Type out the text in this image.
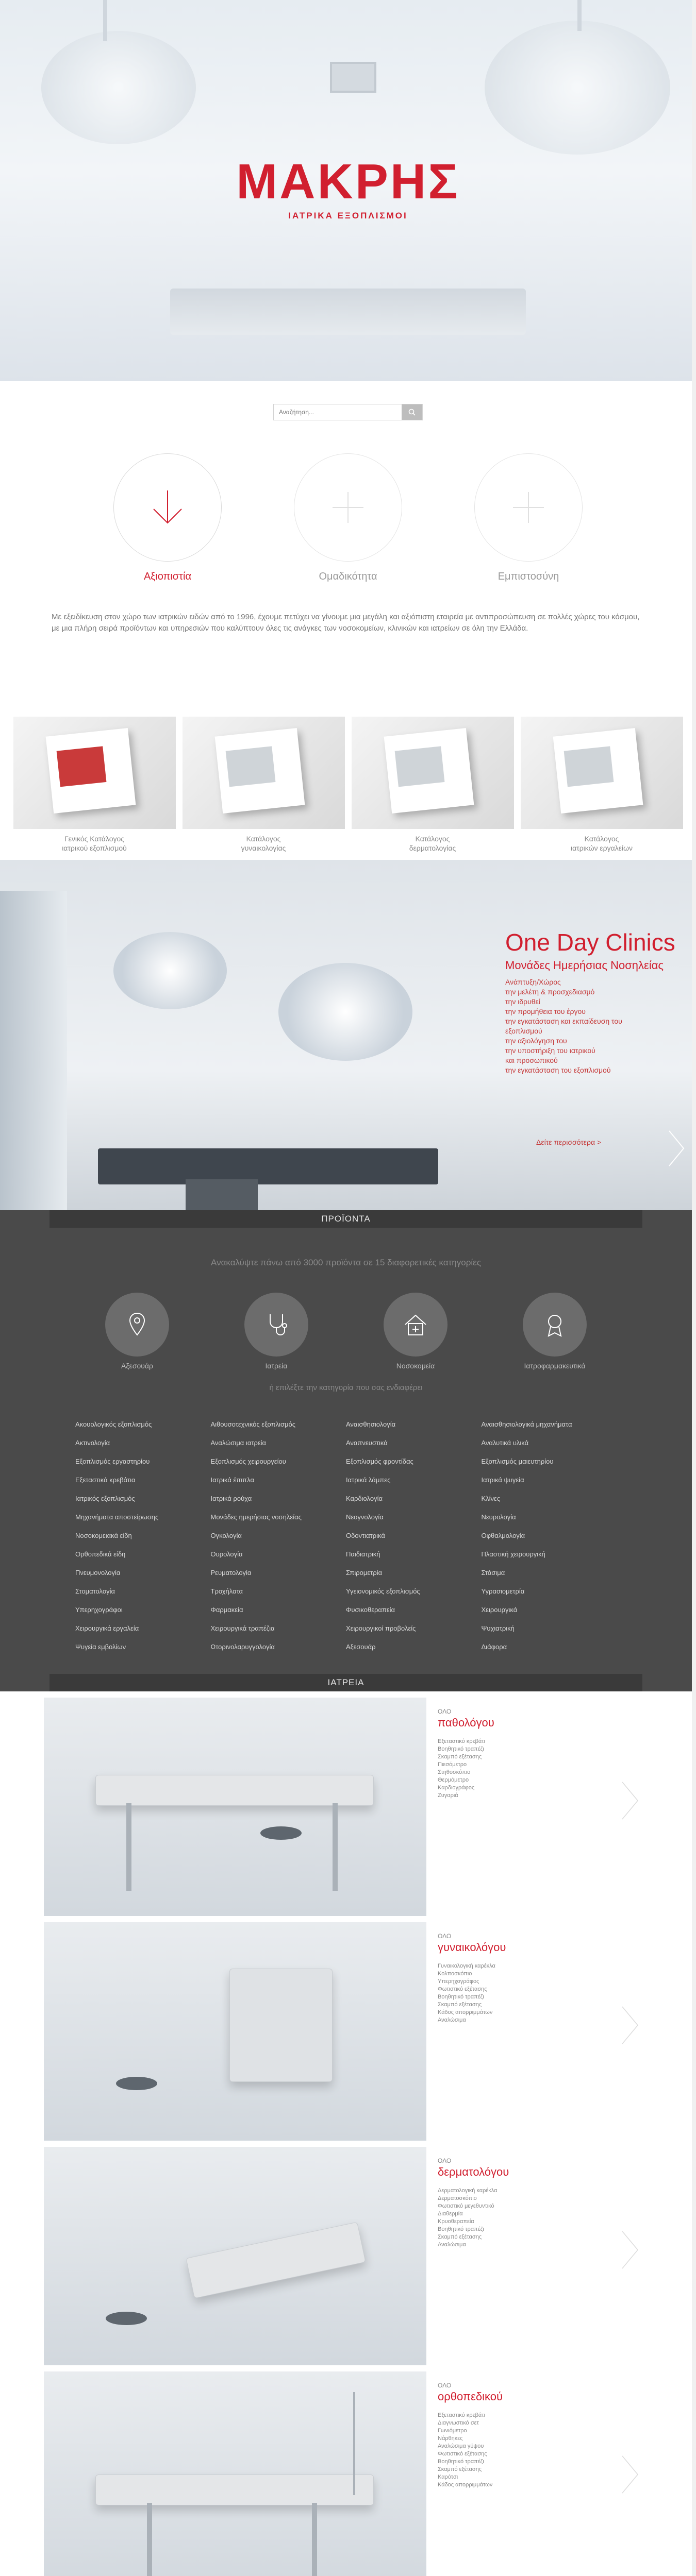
ΜΑΚΡΗΣ
ΙΑΤΡΙΚΑ ΕΞΟΠΛΙΣΜΟΙ
Αναζήτηση...
Αξιοπιστία	Ομαδικότητα	Εμπιστοσύνη

Με εξειδίκευση στον χώρο των ιατρικών ειδών από το 1996, έχουμε πετύχει να γίνουμε μια μεγάλη και αξιόπιστη εταιρεία με αντιπροσώπευση σε πολλές χώρες του κόσμου, με μια πλήρη σειρά προϊόντων και υπηρεσιών που καλύπτουν όλες τις ανάγκες των νοσοκομείων, κλινικών και ιατρείων σε όλη την Ελλάδα.

Γενικός Κατάλογος
ιατρικού εξοπλισμού
Κατάλογος
γυναικολογίας
Κατάλογος
δερματολογίας
Κατάλογος
ιατρικών εργαλείων
One Day Clinics
Μονάδες Ημερήσιας Νοσηλείας
Ανάπτυξη/Χώρος
την μελέτη & προσχεδιασμό
την ιδρυθεί
την προμήθεια του έργου
την εγκατάσταση και εκπαίδευση του
εξοπλισμού
την αξιολόγηση του
την υποστήριξη του ιατρικού
και προσωπικού
την εγκατάσταση του εξοπλισμού
Δείτε περισσότερα >
ΠΡΟΪΟΝΤΑ
Ανακαλύψτε πάνω από 3000 προϊόντα σε 15 διαφορετικές κατηγορίες
Αξεσουάρ	Ιατρεία	Νοσοκομεία	Ιατροφαρμακευτικά
ή επιλέξτε την κατηγορία που σας ενδιαφέρει
Ακουολογικός εξοπλισμός	Αιθουσοτεχνικός εξοπλισμός	Αναισθησιολογία	Αναισθησιολογικά μηχανήματα
Ακτινολογία	Αναλώσιμα ιατρεία	Αναπνευστικά	Αναλυτικά υλικά
Εξοπλισμός εργαστηρίου	Εξοπλισμός χειρουργείου	Εξοπλισμός φροντίδας	Εξοπλισμός μαιευτηρίου
Εξεταστικά κρεβάτια	Ιατρικά έπιπλα	Ιατρικά λάμπες	Ιατρικά ψυγεία
Ιατρικός εξοπλισμός	Ιατρικά ρούχα	Καρδιολογία	Κλίνες
Μηχανήματα αποστείρωσης	Μονάδες ημερήσιας νοσηλείας	Νεογνολογία	Νευρολογία
Νοσοκομειακά είδη	Ογκολογία	Οδοντιατρικά	Οφθαλμολογία
Ορθοπεδικά είδη	Ουρολογία	Παιδιατρική	Πλαστική χειρουργική
Πνευμονολογία	Ρευματολογία	Σπιρομετρία	Στάσιμα
Στοματολογία	Τροχήλατα	Υγειονομικός εξοπλισμός	Υγρασιομετρία
Υπερηχογράφοι	Φαρμακεία	Φυσικοθεραπεία	Χειρουργικά
Χειρουργικά εργαλεία	Χειρουργικά τραπέζια	Χειρουργικοί προβολείς	Ψυχιατρική
Ψυγεία εμβολίων	Ωτορινολαρυγγολογία	Αξεσουάρ	Διάφορα
ΙΑΤΡΕΙΑ
ΟΛΟ
παθολόγου
Εξεταστικό κρεβάτι
Βοηθητικό τραπέζι
Σκαμπό εξέτασης
Πιεσόμετρο
Στηθοσκόπιο
Θερμόμετρο
Καρδιογράφος
Ζυγαριά
ΟΛΟ
γυναικολόγου
Γυναικολογική καρέκλα
Κολποσκόπιο
Υπερηχογράφος
Φωτιστικό εξέτασης
Βοηθητικό τραπέζι
Σκαμπό εξέτασης
Κάδος απορριμμάτων
Αναλώσιμα
ΟΛΟ
δερματολόγου
Δερματολογική καρέκλα
Δερματοσκόπιο
Φωτιστικό μεγεθυντικό
Διαθερμία
Κρυοθεραπεία
Βοηθητικό τραπέζι
Σκαμπό εξέτασης
Αναλώσιμα
ΟΛΟ
ορθοπεδικού
Εξεταστικό κρεβάτι
Διαγνωστικό σετ
Γωνιόμετρο
Νάρθηκες
Αναλώσιμα γύψου
Φωτιστικό εξέτασης
Βοηθητικό τραπέζι
Σκαμπό εξέτασης
Καρότσι
Κάδος απορριμμάτων
